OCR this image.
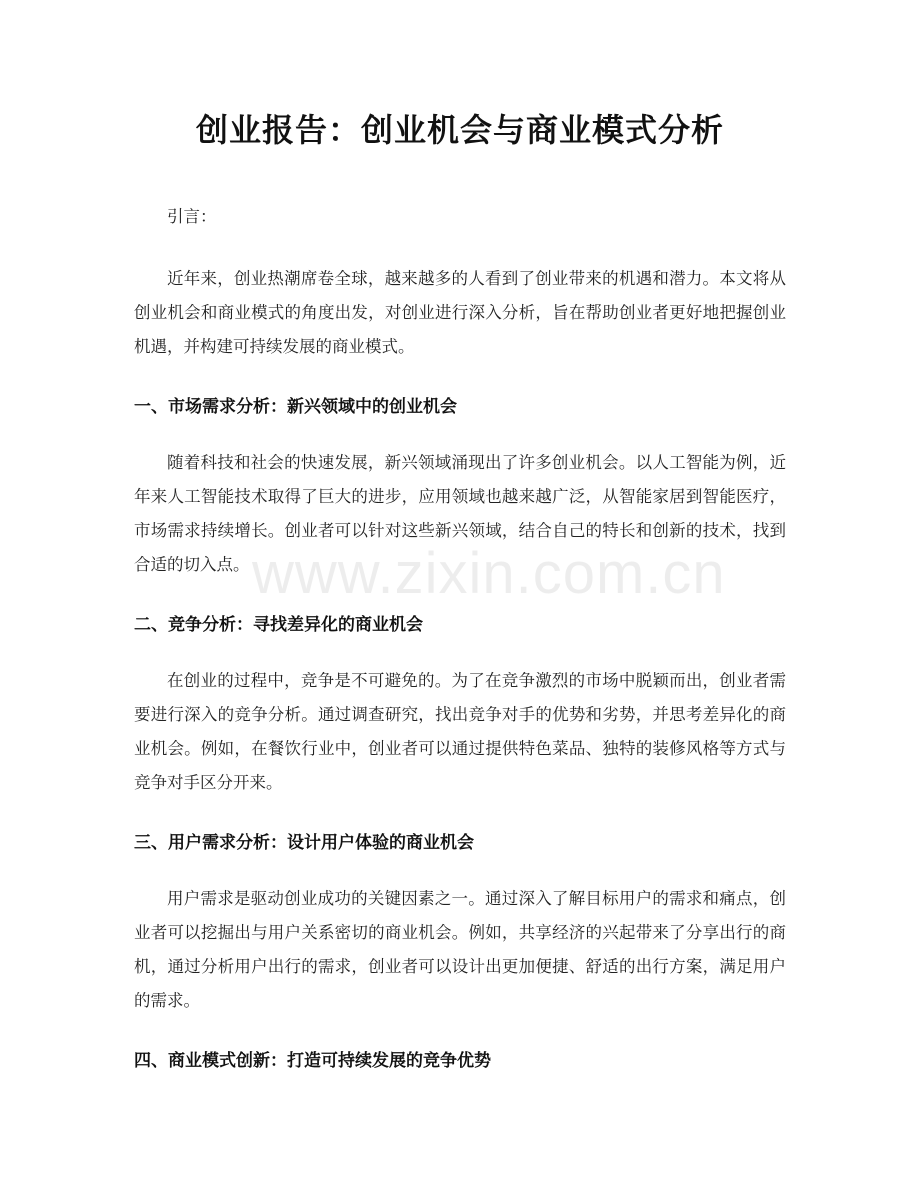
创业报告：创业机会与商业模式分析

引言：

近年来，创业热潮席卷全球，越来越多的人看到了创业带来的机遇和潜力。本文将从创业机会和商业模式的角度出发，对创业进行深入分析，旨在帮助创业者更好地把握创业机遇，并构建可持续发展的商业模式。

一、市场需求分析：新兴领域中的创业机会

随着科技和社会的快速发展，新兴领域涌现出了许多创业机会。以人工智能为例，近年来人工智能技术取得了巨大的进步，应用领域也越来越广泛，从智能家居到智能医疗，市场需求持续增长。创业者可以针对这些新兴领域，结合自己的特长和创新的技术，找到合适的切入点。

二、竞争分析：寻找差异化的商业机会

在创业的过程中，竞争是不可避免的。为了在竞争激烈的市场中脱颖而出，创业者需要进行深入的竞争分析。通过调查研究，找出竞争对手的优势和劣势，并思考差异化的商业机会。例如，在餐饮行业中，创业者可以通过提供特色菜品、独特的装修风格等方式与竞争对手区分开来。

三、用户需求分析：设计用户体验的商业机会

用户需求是驱动创业成功的关键因素之一。通过深入了解目标用户的需求和痛点，创业者可以挖掘出与用户关系密切的商业机会。例如，共享经济的兴起带来了分享出行的商机，通过分析用户出行的需求，创业者可以设计出更加便捷、舒适的出行方案，满足用户的需求。

四、商业模式创新：打造可持续发展的竞争优势
www.zixin.com.cn
